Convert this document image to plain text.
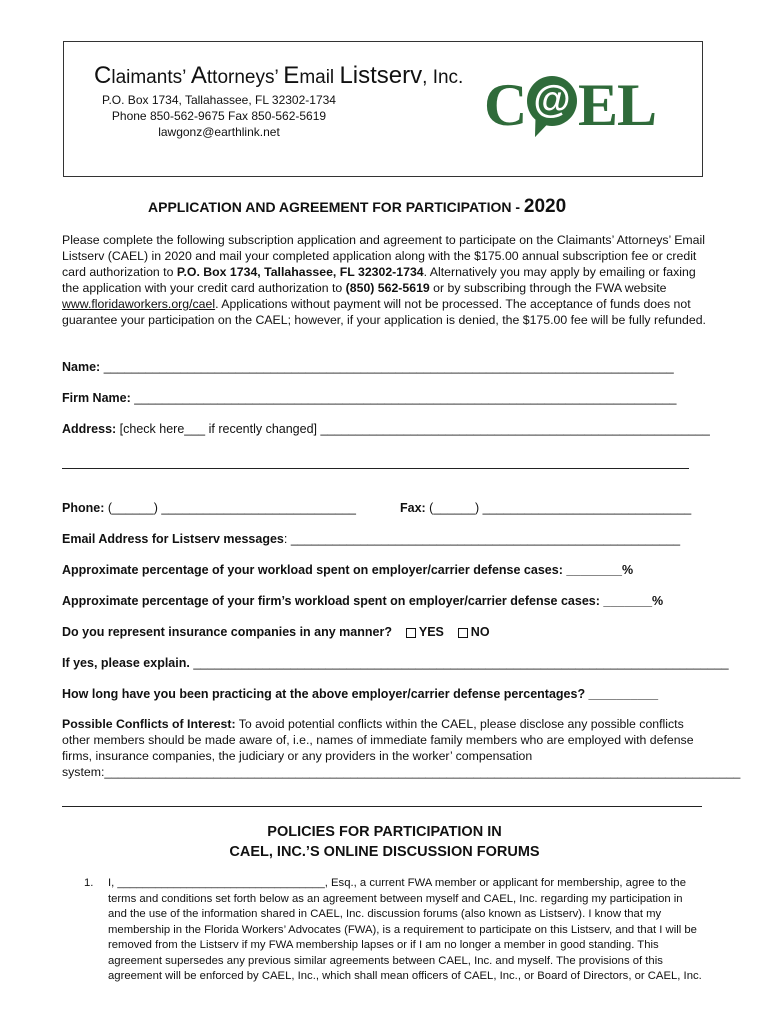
Claimants’ Attorneys’ Email Listserv, Inc.
P.O. Box 1734, Tallahassee, FL 32302-1734
Phone 850-562-9675 Fax 850-562-5619
lawgonz@earthlink.net	C @ EL
APPLICATION AND AGREEMENT FOR PARTICIPATION - 2020
Please complete the following subscription application and agreement to participate on the Claimants’ Attorneys’ Email Listserv (CAEL) in 2020 and mail your completed application along with the $175.00 annual subscription fee or credit card authorization to P.O. Box 1734, Tallahassee, FL 32302-1734. Alternatively you may apply by emailing or faxing the application with your credit card authorization to (850) 562-5619 or by subscribing through the FWA website www.floridaworkers.org/cael. Applications without payment will not be processed. The acceptance of funds does not guarantee your participation on the CAEL; however, if your application is denied, the $175.00 fee will be fully refunded.
Name: __________________________________________________________________________________
Firm Name: ______________________________________________________________________________
Address: [check here___ if recently changed] ________________________________________________________
Phone: (______) ____________________________	Fax: (______) ______________________________
Email Address for Listserv messages: ________________________________________________________
Approximate percentage of your workload spent on employer/carrier defense cases: ________%
Approximate percentage of your firm’s workload spent on employer/carrier defense cases: _______%
Do you represent insurance companies in any manner? YES NO
If yes, please explain. _____________________________________________________________________________
How long have you been practicing at the above employer/carrier defense percentages? __________
Possible Conflicts of Interest: To avoid potential conflicts within the CAEL, please disclose any possible conflicts other members should be made aware of, i.e., names of immediate family members who are employed with defense firms, insurance companies, the judiciary or any providers in the worker’ compensation system:_____________________________________________________________________________________________
POLICIES FOR PARTICIPATION IN
CAEL, INC.’S ONLINE DISCUSSION FORUMS
1. I, _________________________________, Esq., a current FWA member or applicant for membership, agree to the terms and conditions set forth below as an agreement between myself and CAEL, Inc. regarding my participation in and the use of the information shared in CAEL, Inc. discussion forums (also known as Listserv). I know that my membership in the Florida Workers’ Advocates (FWA), is a requirement to participate on this Listserv, and that I will be removed from the Listserv if my FWA membership lapses or if I am no longer a member in good standing. This agreement supersedes any previous similar agreements between CAEL, Inc. and myself. The provisions of this agreement will be enforced by CAEL, Inc., which shall mean officers of CAEL, Inc., or Board of Directors, or CAEL, Inc.
